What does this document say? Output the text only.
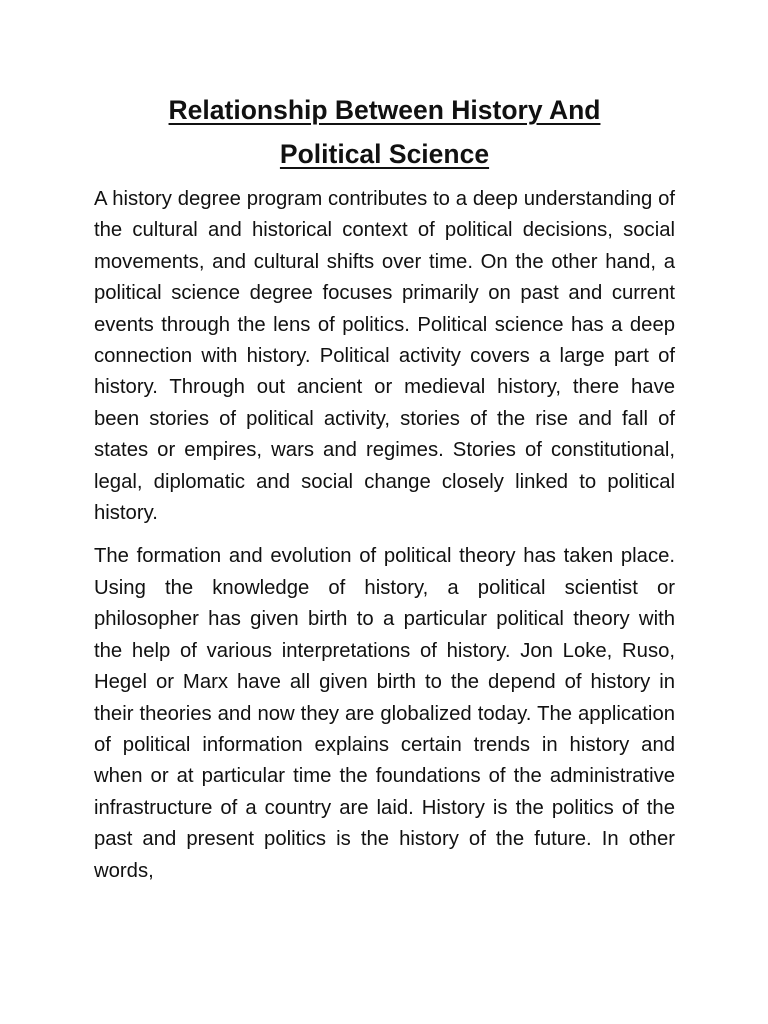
Relationship Between History And
Political Science

A history degree program contributes to a deep understanding of the cultural and historical context of political decisions, social movements, and cultural shifts over time. On the other hand, a political science degree focuses primarily on past and current events through the lens of politics. Political science has a deep connection with history. Political activity covers a large part of history. Through out ancient or medieval history, there have been stories of political activity, stories of the rise and fall of states or empires, wars and regimes. Stories of constitutional, legal, diplomatic and social change closely linked to political history.

The formation and evolution of political theory has taken place. Using the knowledge of history, a political scientist or philosopher has given birth to a particular political theory with the help of various interpretations of history. Jon Loke, Ruso, Hegel or Marx have all given birth to the depend of history in their theories and now they are globalized today. The application of political information explains certain trends in history and when or at particular time the foundations of the administrative infrastructure of a country are laid. History is the politics of the past and present politics is the history of the future. In other words,
